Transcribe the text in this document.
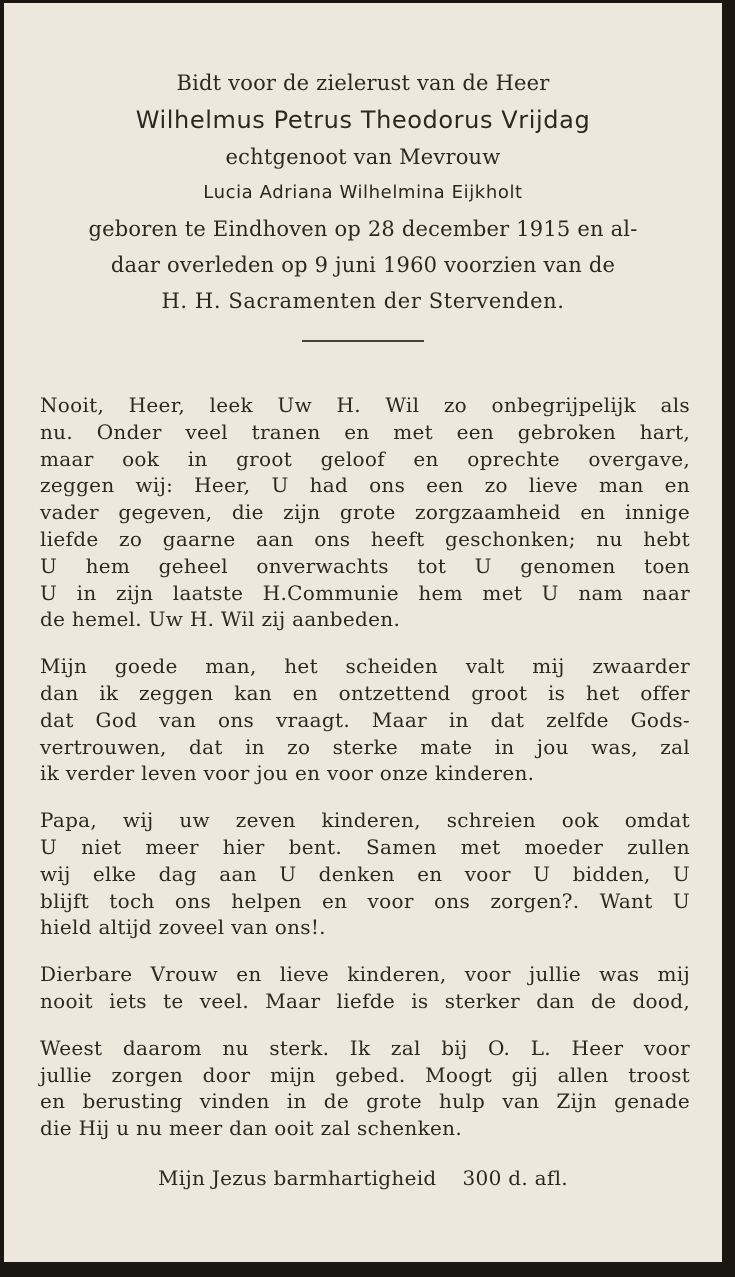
Bidt voor de zielerust van de Heer
Wilhelmus Petrus Theodorus Vrijdag
echtgenoot van Mevrouw
Lucia Adriana Wilhelmina Eijkholt
geboren te Eindhoven op 28 december 1915 en al-
daar overleden op 9 juni 1960 voorzien van de
H. H. Sacramenten der Stervenden.
Nooit, Heer, leek Uw H. Wil zo onbegrijpelijk als
nu. Onder veel tranen en met een gebroken hart,
maar ook in groot geloof en oprechte overgave,
zeggen wij: Heer, U had ons een zo lieve man en
vader gegeven, die zijn grote zorgzaamheid en innige
liefde zo gaarne aan ons heeft geschonken; nu hebt
U hem geheel onverwachts tot U genomen toen
U in zijn laatste H.Communie hem met U nam naar
de hemel. Uw H. Wil zij aanbeden.
Mijn goede man, het scheiden valt mij zwaarder
dan ik zeggen kan en ontzettend groot is het offer
dat God van ons vraagt. Maar in dat zelfde Gods-
vertrouwen, dat in zo sterke mate in jou was, zal
ik verder leven voor jou en voor onze kinderen.
Papa, wij uw zeven kinderen, schreien ook omdat
U niet meer hier bent. Samen met moeder zullen
wij elke dag aan U denken en voor U bidden, U
blijft toch ons helpen en voor ons zorgen?. Want U
hield altijd zoveel van ons!.
Dierbare Vrouw en lieve kinderen, voor jullie was mij
nooit iets te veel. Maar liefde is sterker dan de dood,
Weest daarom nu sterk. Ik zal bij O. L. Heer voor
jullie zorgen door mijn gebed. Moogt gij allen troost
en berusting vinden in de grote hulp van Zijn genade
die Hij u nu meer dan ooit zal schenken.
Mijn Jezus barmhartigheid 300 d. afl.
